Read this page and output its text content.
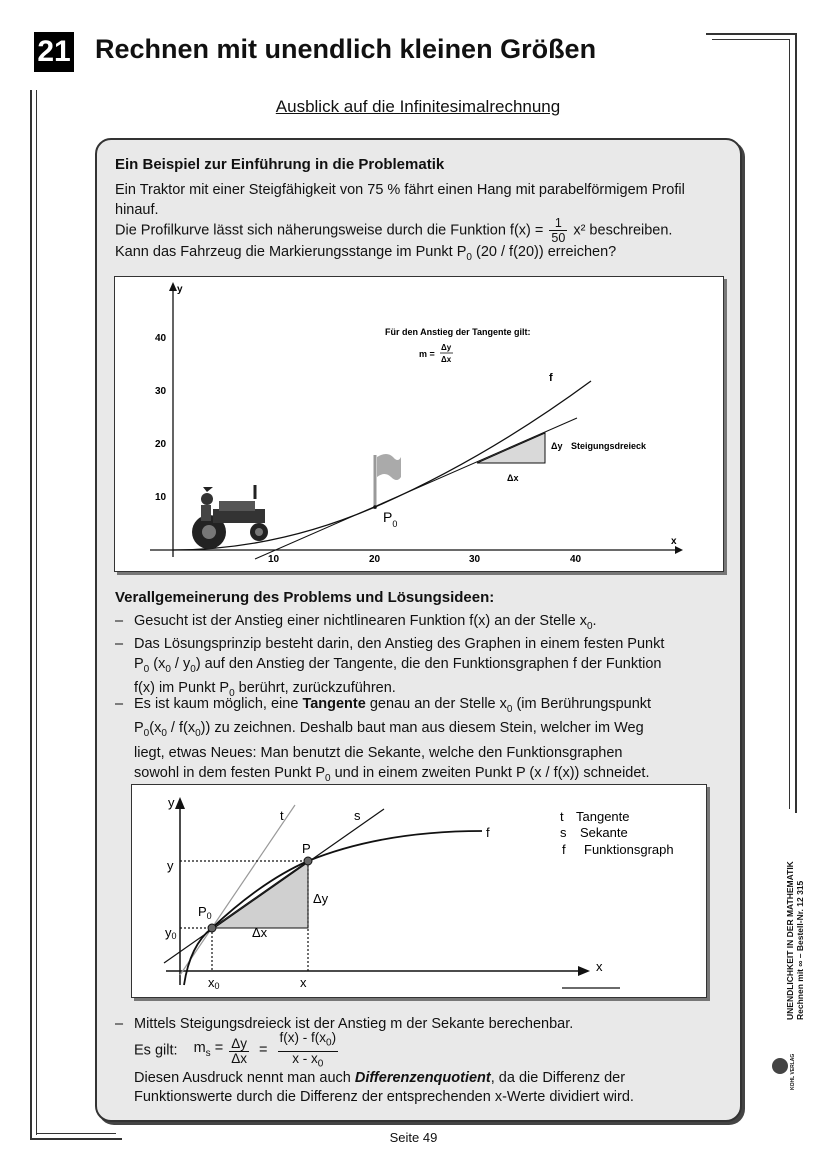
21 Rechnen mit unendlich kleinen Größen
Ausblick auf die Infinitesimalrechnung
Ein Beispiel zur Einführung in die Problematik
Ein Traktor mit einer Steigfähigkeit von 75 % fährt einen Hang mit parabelförmigem Profil hinauf.
Die Profilkurve lässt sich näherungsweise durch die Funktion $f(x) = \frac{1}{50} x^2$ beschreiben.
Kann das Fahrzeug die Markierungsstange im Punkt $P_0$ (20 / f(20)) erreichen?
y
x
10
20
30
40
10	20	30	40
Δy Steigungsdreieck
Δx
f
Für den Anstieg der Tangente gilt:
m =
Δy
Δx
$P_0$
Verallgemeinerung des Problems und Lösungsideen:
– Gesucht ist der Anstieg einer nichtlinearen Funktion f(x) an der Stelle $x_0$.
– Das Lösungsprinzip besteht darin, den Anstieg des Graphen in einem festen Punkt
$P_0$ $(x_0 / y_0)$ auf den Anstieg der Tangente, die den Funktionsgraphen f der Funktion
f(x) im Punkt $P_0$ berührt, zurückzuführen.
– Es ist kaum möglich, eine Tangente genau an der Stelle $x_0$ (im Berührungspunkt
$P_0(x_0 / f(x_0))$ zu zeichnen. Deshalb baut man aus diesem Stein, welcher im Weg
liegt, etwas Neues: Man benutzt die Sekante, welche den Funktionsgraphen
sowohl in dem festen Punkt $P_0$ und in einem zweiten Punkt P (x / f(x)) schneidet.
y
x
t	s
f
P
$P_0$
y
y0
x0	x
Δy
Δx
t Tangente
s Sekante
f Funktionsgraph
– Mittels Steigungsdreieck ist der Anstieg m der Sekante berechenbar.
Es gilt: $m_s = \frac{\Delta y}{\Delta x} = \frac{f(x) - f(x_0)}{x - x_0}$
Diesen Ausdruck nennt man auch Differenzenquotient, da die Differenz der
Funktionswerte durch die Differenz der entsprechenden x-Werte dividiert wird.
UNENDLICHKEIT IN DER MATHEMATIK Rechnen mit ∞ – Bestell-Nr. 12 315
KOHL VERLAG
Seite 49
